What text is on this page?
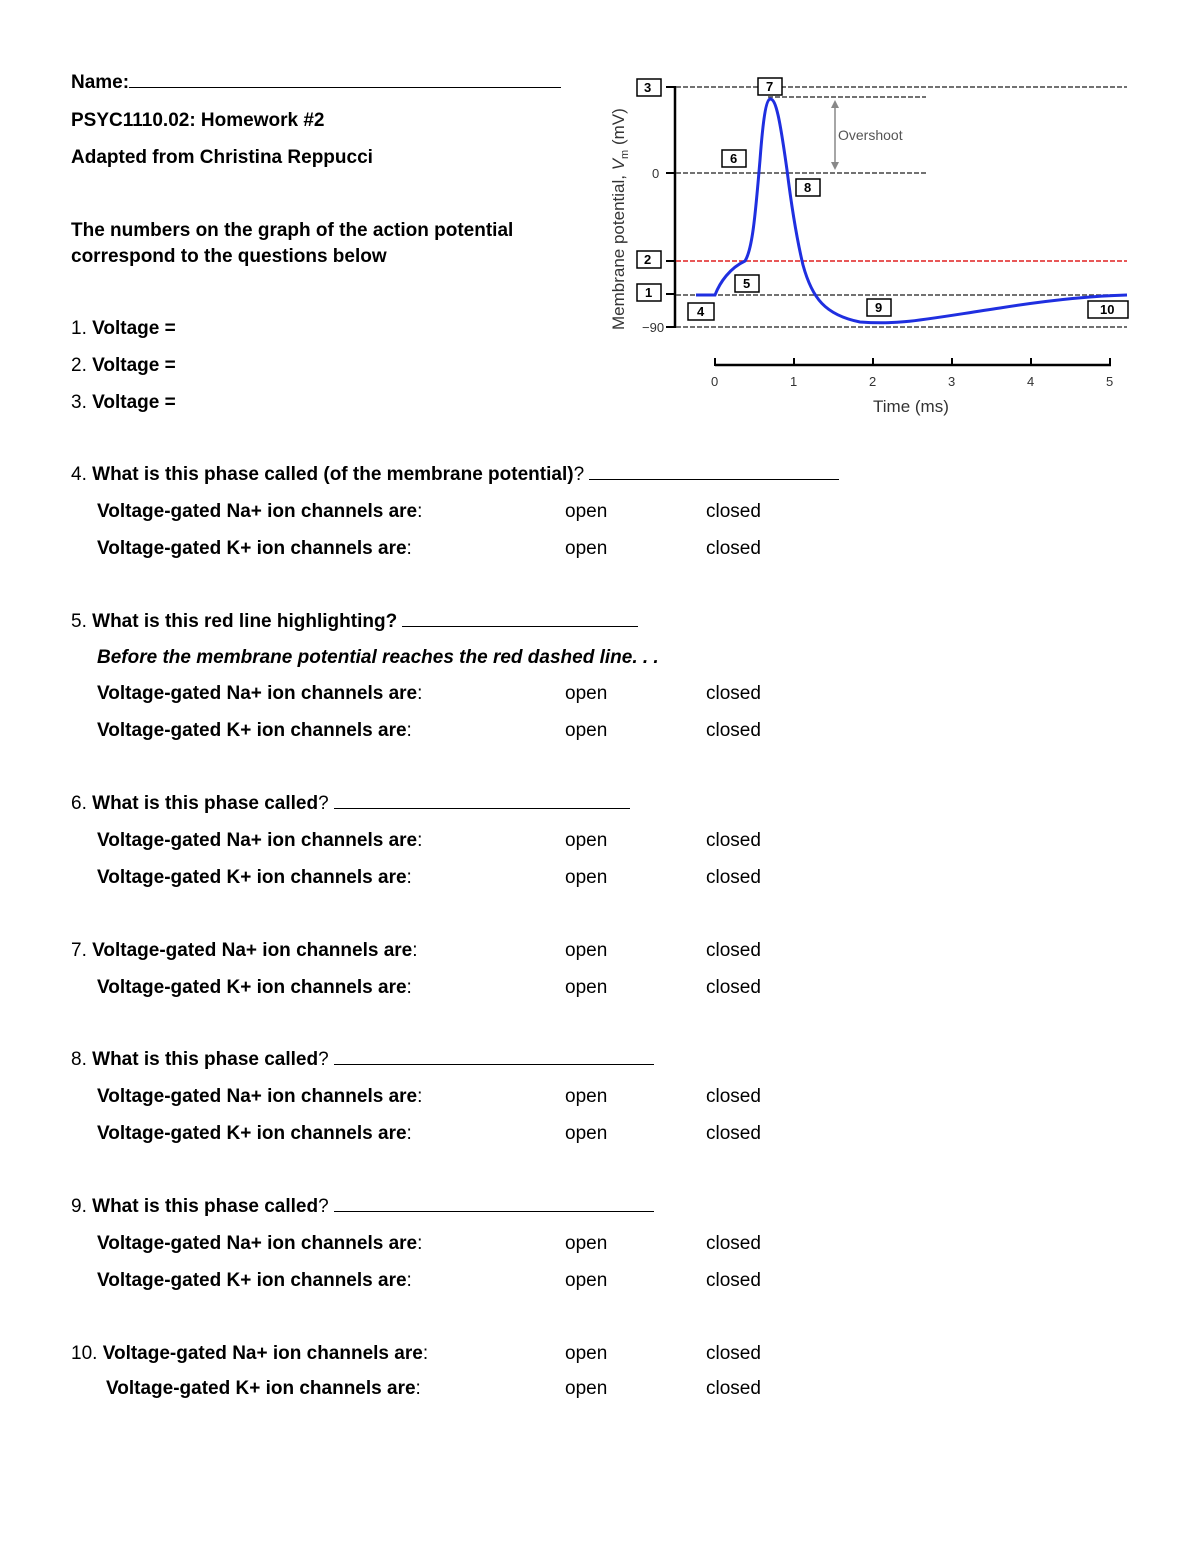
Name:
PSYC1110.02: Homework #2
Adapted from Christina Reppucci
The numbers on the graph of the action potential
correspond to the questions below
1. Voltage =
2. Voltage =
3. Voltage =
Membrane potential, $V_m$ (mV)
0
−90
Overshoot
0	1	2	3	4	5
Time (ms)
3	7
6
8
2
5
1
4	9	10
4. What is this phase called (of the membrane potential)?
Voltage-gated Na+ ion channels are:	open	closed
Voltage-gated K+ ion channels are:	open	closed
5. What is this red line highlighting?
Before the membrane potential reaches the red dashed line. . .
Voltage-gated Na+ ion channels are:	open	closed
Voltage-gated K+ ion channels are:	open	closed
6. What is this phase called?
Voltage-gated Na+ ion channels are:	open	closed
Voltage-gated K+ ion channels are:	open	closed
7. Voltage-gated Na+ ion channels are:	open	closed
Voltage-gated K+ ion channels are:	open	closed
8. What is this phase called?
Voltage-gated Na+ ion channels are:	open	closed
Voltage-gated K+ ion channels are:	open	closed
9. What is this phase called?
Voltage-gated Na+ ion channels are:	open	closed
Voltage-gated K+ ion channels are:	open	closed
10. Voltage-gated Na+ ion channels are:	open	closed
Voltage-gated K+ ion channels are:	open	closed
